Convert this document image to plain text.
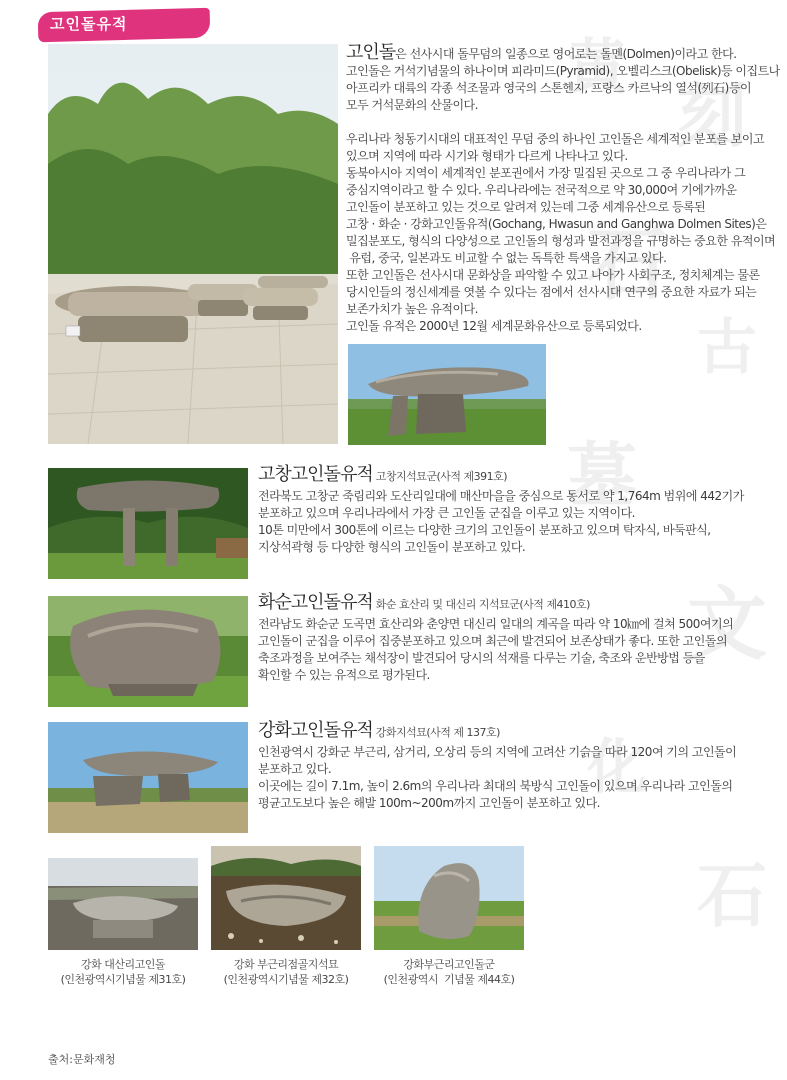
黃
刻
石
古
墓
文
化
石
고인돌유적

고인돌은 선사시대 돌무덤의 일종으로 영어로는 돌멘(Dolmen)이라고 한다.

고인돌은 거석기념물의 하나이며 피라미드(Pyramid), 오벨리스크(Obelisk)등 이집트나

아프리카 대륙의 각종 석조물과 영국의 스톤헨지, 프랑스 카르낙의 열석(列石)등이

모두 거석문화의 산물이다.

우리나라 청동기시대의 대표적인 무덤 중의 하나인 고인돌은 세계적인 분포를 보이고

있으며 지역에 따라 시기와 형태가 다르게 나타나고 있다.

동북아시아 지역이 세계적인 분포권에서 가장 밀집된 곳으로 그 중 우리나라가 그

중심지역이라고 할 수 있다. 우리나라에는 전국적으로 약 30,000여 기에가까운

고인돌이 분포하고 있는 것으로 알려져 있는데 그중 세계유산으로 등록된

고창 · 화순 · 강화고인돌유적(Gochang, Hwasun and Ganghwa Dolmen Sites)은

밀집분포도, 형식의 다양성으로 고인돌의 형성과 발전과정을 규명하는 중요한 유적이며

유럽, 중국, 일본과도 비교할 수 없는 독특한 특색을 가지고 있다.

또한 고인돌은 선사시대 문화상을 파악할 수 있고 나아가 사회구조, 정치체계는 물론

당시인들의 정신세계를 엿볼 수 있다는 점에서 선사시대 연구의 중요한 자료가 되는

보존가치가 높은 유적이다.

고인돌 유적은 2000년 12월 세계문화유산으로 등록되었다.

고창고인돌유적 고창지석묘군(사적 제391호)

전라북도 고창군 죽림리와 도산리일대에 매산마을을 중심으로 동서로 약 1,764m 범위에 442기가

분포하고 있으며 우리나라에서 가장 큰 고인돌 군집을 이루고 있는 지역이다.

10톤 미만에서 300톤에 이르는 다양한 크기의 고인돌이 분포하고 있으며 탁자식, 바둑판식,

지상석곽형 등 다양한 형식의 고인돌이 분포하고 있다.

화순고인돌유적 화순 효산리 및 대신리 지석묘군(사적 제410호)

전라남도 화순군 도곡면 효산리와 춘양면 대신리 일대의 계곡을 따라 약 10㎞에 걸쳐 500여기의

고인돌이 군집을 이루어 집중분포하고 있으며 최근에 발견되어 보존상태가 좋다. 또한 고인돌의

축조과정을 보여주는 채석장이 발견되어 당시의 석재를 다루는 기술, 축조와 운반방법 등을

확인할 수 있는 유적으로 평가된다.

강화고인돌유적 강화지석묘(사적 제 137호)

인천광역시 강화군 부근리, 삼거리, 오상리 등의 지역에 고려산 기슭을 따라 120여 기의 고인돌이

분포하고 있다.

이곳에는 길이 7.1m, 높이 2.6m의 우리나라 최대의 북방식 고인돌이 있으며 우리나라 고인돌의

평균고도보다 높은 해발 100m~200m까지 고인돌이 분포하고 있다.

강화 대산리고인돌
(인천광역시기념물 제31호)
강화 부근리점골지석묘
(인천광역시기념물 제32호)
강화부근리고인돌군
(인천광역시  기념물 제44호)
출처:문화재청
